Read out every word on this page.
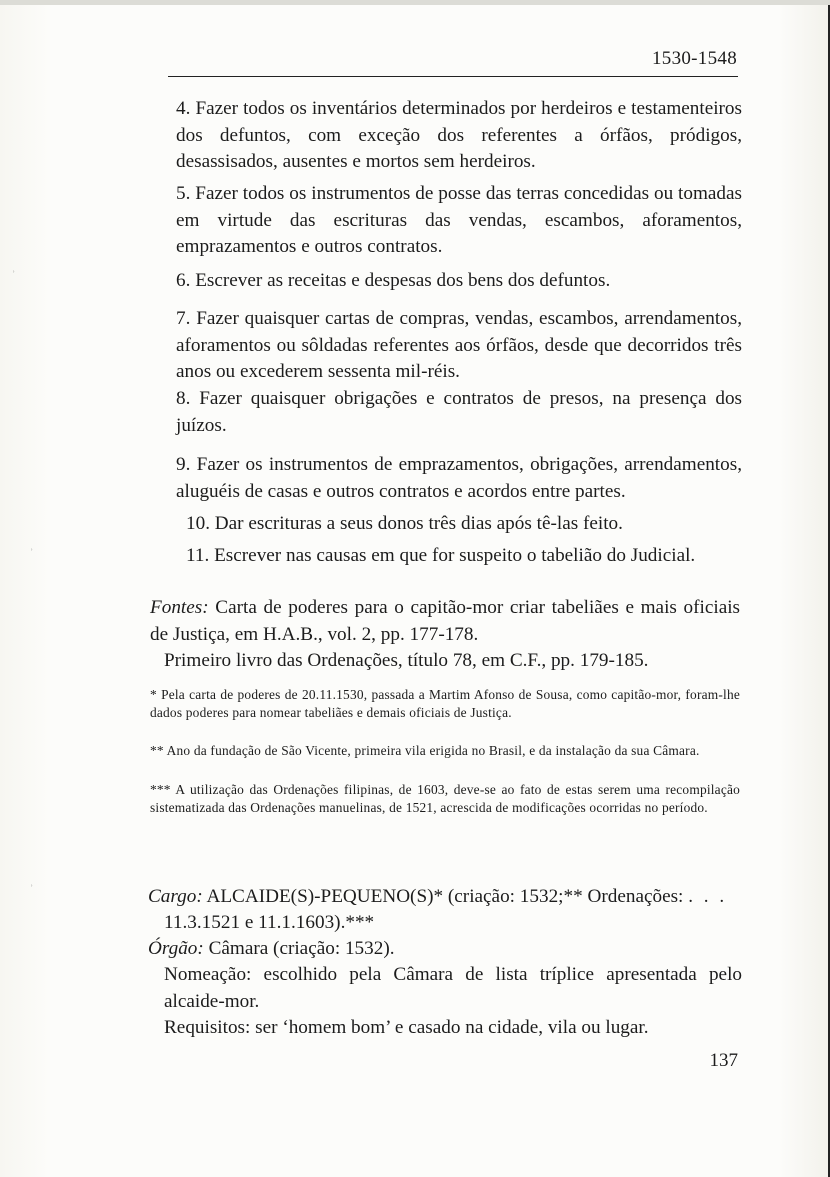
1530-1548
4. Fazer todos os inventários determinados por herdeiros e testamenteiros dos defuntos, com exceção dos referentes a órfãos, pródigos, desassisados, ausentes e mortos sem herdeiros.
5. Fazer todos os instrumentos de posse das terras concedidas ou tomadas em virtude das escrituras das vendas, escambos, aforamentos, emprazamentos e outros contratos.
6. Escrever as receitas e despesas dos bens dos defuntos.
7. Fazer quaisquer cartas de compras, vendas, escambos, arrendamentos, aforamentos ou sôldadas referentes aos órfãos, desde que decorridos três anos ou excederem sessenta mil-réis.
8. Fazer quaisquer obrigações e contratos de presos, na presença dos juízos.
9. Fazer os instrumentos de emprazamentos, obrigações, arrendamentos, aluguéis de casas e outros contratos e acordos entre partes.
10. Dar escrituras a seus donos três dias após tê-las feito.
11. Escrever nas causas em que for suspeito o tabelião do Judicial.
Fontes: Carta de poderes para o capitão-mor criar tabeliães e mais oficiais de Justiça, em H.A.B., vol. 2, pp. 177-178.
Primeiro livro das Ordenações, título 78, em C.F., pp. 179-185.
* Pela carta de poderes de 20.11.1530, passada a Martim Afonso de Sousa, como capitão-mor, foram-lhe dados poderes para nomear tabeliães e demais oficiais de Justiça.
** Ano da fundação de São Vicente, primeira vila erigida no Brasil, e da instalação da sua Câmara.
*** A utilização das Ordenações filipinas, de 1603, deve-se ao fato de estas serem uma recompilação sistematizada das Ordenações manuelinas, de 1521, acrescida de modificações ocorridas no período.
Cargo: ALCAIDE(S)-PEQUENO(S)* (criação: 1532;** Ordenações: . . .
11.3.1521 e 11.1.1603).***
Órgão: Câmara (criação: 1532).
Nomeação: escolhido pela Câmara de lista tríplice apresentada pelo alcaide-mor.
Requisitos: ser ‘homem bom’ e casado na cidade, vila ou lugar.
137
ʾ
ʾ
ʾ
